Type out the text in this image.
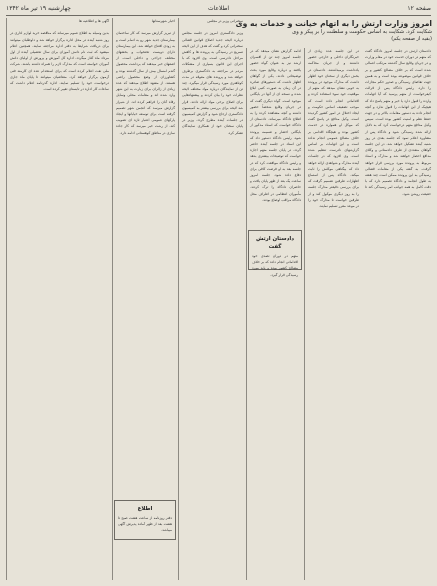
صفحه ۱۲
اطلاعات
چهارشنبه ۱۹ تیر ماه ۱۳۴۲
امروز وزارت ارتش را به اتهام خیانت و خدمات به وی
شکایت کرد. شکایت به اساس حکومت و سلطنت را بر پیکر و وی
(بقیه از صفحه یکم)
دادستان ارتش در جلسه امروز دادگاه گفت که متهم در دوران خدمت خود در مقام وزارت و در جریان وقایع سال گذشته مرتکب اعمالی شده است که بر خلاف مصالح کشور و بر خلاف قوانین موضوعه بوده است و به همین جهت تقاضای رسیدگی و صدور حکم مجازات را دارد. رئیس دادگاه پس از قرائت کیفرخواست از متهم پرسید که آیا اتهامات وارده را قبول دارد یا خیر و متهم پاسخ داد که هیچیک از این اتهامات را قبول ندارد و آنچه انجام داده به دستور مقامات بالاتر و در جهت حفظ نظم و امنیت کشور بوده است. سپس وکیل مدافع متهم درخواست کرد که به دلایل ارائه شده رسیدگی شود و دادگاه پس از مشاوره اعلام نمود که جلسه بعدی در روز شنبه آینده تشکیل خواهد شد. در این جلسه گواهان متعددی از طرف دادستانی و وکلای مدافع احضار خواهند شد و مدارک و اسناد مربوط به پرونده مورد بررسی قرار خواهد گرفت. به گفته یکی از مقامات قضائی رسیدگی به این پرونده ممکن است چند هفته به طول انجامد و دادگاه تصمیم دارد که با دقت کامل به همه جوانب امر رسیدگی کند تا حقیقت روشن شود.
در این جلسه عده زیادی از خبرنگاران داخلی و خارجی حضور داشتند و از جریان محاکمه یادداشت برمیداشتند. دادستان در بخش دیگری از سخنان خود اظهار داشت که مدارک موجود در پرونده به خوبی نشان میدهد که متهم از موقعیت خود سوء استفاده کرده و اقداماتی انجام داده است که موجب تضعیف اساس حکومت و ایجاد اختلال در امور کشور گردیده است. وکیل مدافع در پاسخ گفت که موکل او همواره در خدمت کشور بوده و هیچگاه اقدامی بر خلاف مصالح عمومی انجام نداده است و این اتهامات بر اساس گزارشهای نادرست تنظیم شده است. وی افزود که در جلسات آینده مدارک و شواهدی ارائه خواهد داد که بیگناهی موکلش را ثابت میکند. دادگاه پس از استماع اظهارات طرفین تصمیم گرفت که برای بررسی دقیقتر مدارک جلسه را به روز دیگری موکول کند و از طرفین خواست تا مدارک خود را در موعد مقرر تسلیم نمایند.
ادامه گزارش نشان میدهد که در جلسه امروز چند تن از افسران ارشد نیز به عنوان گواه حضور یافتند و درباره وقایع مورد بحث توضیحاتی دادند. یکی از گواهان اظهار داشت که دستورهای صادره در آن زمان به صورت کتبی ابلاغ شده و نسخه ای از آنها در بایگانی موجود است. گواه دیگری گفت که در جریان وقایع شخصاً حضور داشته و آنچه مشاهده کرده را به اطلاع دادگاه میرساند. دادستان از دادگاه خواست که اسناد مذکور از بایگانی احضار و ضمیمه پرونده شود. رئیس دادگاه دستور داد که این اسناد در جلسه آینده حاضر گردد. در پایان جلسه متهم اجازه خواست که توضیحات بیشتری بدهد و رئیس دادگاه موافقت کرد که در جلسه بعد به او فرصت کافی برای دفاع داده شود. جلسه امروز ساعت یک بعد از ظهر پایان یافت و حاضران دادگاه را ترک کردند. مأموران انتظامی در اطراف محل دادگاه مراقب اوضاع بودند.
سخنرانی وزیر در مجلس

وزیر دادگستری امروز در جلسه مجلس درباره لایحه جدید اصلاح قوانین قضائی سخنرانی کرد و گفت که هدف از این لایحه تسریع در رسیدگی به پرونده ها و کاهش مراحل دادرسی است. وی افزود که با اجرای این قانون بسیاری از مشکلات مردم در مراجعه به دادگستری برطرف خواهد شد و پرونده های معوقه در مدت کوتاهتری مورد رسیدگی قرار میگیرد. چند تن از نمایندگان درباره مواد مختلف لایحه نظرات خود را بیان کردند و پیشنهادهایی برای اصلاح برخی مواد ارائه دادند. قرار شد لایحه برای بررسی بیشتر به کمیسیون دادگستری ارجاع شود و گزارش کمیسیون در جلسات آینده مطرح گردد. وزیر در پایان سخنان خود از همکاری نمایندگان تشکر کرد.
اخبار شهرستانها

از تبریز گزارش میرسد که کار ساختمان بیمارستان جدید شهر رو به اتمام است و به زودی افتتاح خواهد شد. این بیمارستان دارای دویست تختخواب و بخشهای مختلف جراحی و داخلی است. از اصفهان خبر میدهند که برداشت محصول گندم امسال بیش از سال گذشته بوده و کشاورزان از وضع محصول راضی هستند. از مشهد اطلاع میدهند که عده زیادی از زائران برای زیارت به این شهر وارد شده اند و مقامات محلی وسایل رفاه آنان را فراهم کرده اند. از شیراز گزارش میرسد که انجمن شهر تصمیم گرفته است برای توسعه خیابانها و ایجاد پارکهای عمومی اعتبار تازه ای تصویب کند. از رشت خبر میرسد که کار جاده سازی در مناطق کوهستانی ادامه دارد.
آگهی ها و اطلاعیه ها

بدین وسیله به اطلاع عموم میرساند که مناقصه خرید لوازم اداری در روز شنبه آینده در محل اداره برگزار خواهد شد و داوطلبان میتوانند برای دریافت شرایط به دفتر اداره مراجعه نمایند. همچنین اعلام میشود که ثبت نام دانش آموزان برای سال تحصیلی آینده از اول مرداد ماه آغاز میگردد. اداره کل آموزش و پرورش از اولیای دانش آموزان خواسته است که مدارک لازم را همراه داشته باشند. شرکت ملی نفت اعلام کرده است که برای استخدام عده ای کارمند فنی آزمون برگزار خواهد کرد. متقاضیان میتوانند تا پایان ماه جاری درخواست خود را تسلیم نمایند. اداره گذرنامه اعلام داشت که ساعات کار اداره در تابستان تغییر کرده است.
دادستان ارتش گفت
متهم در دوران تصدی خود اقداماتی انجام داده که بر خلاف مصالح کشور بوده و باید مورد رسیدگی قرار گیرد.
اطلاع
دفتر روزنامه از ساعت هشت صبح تا هشت بعد از ظهر آماده پذیرش آگهی میباشد.
